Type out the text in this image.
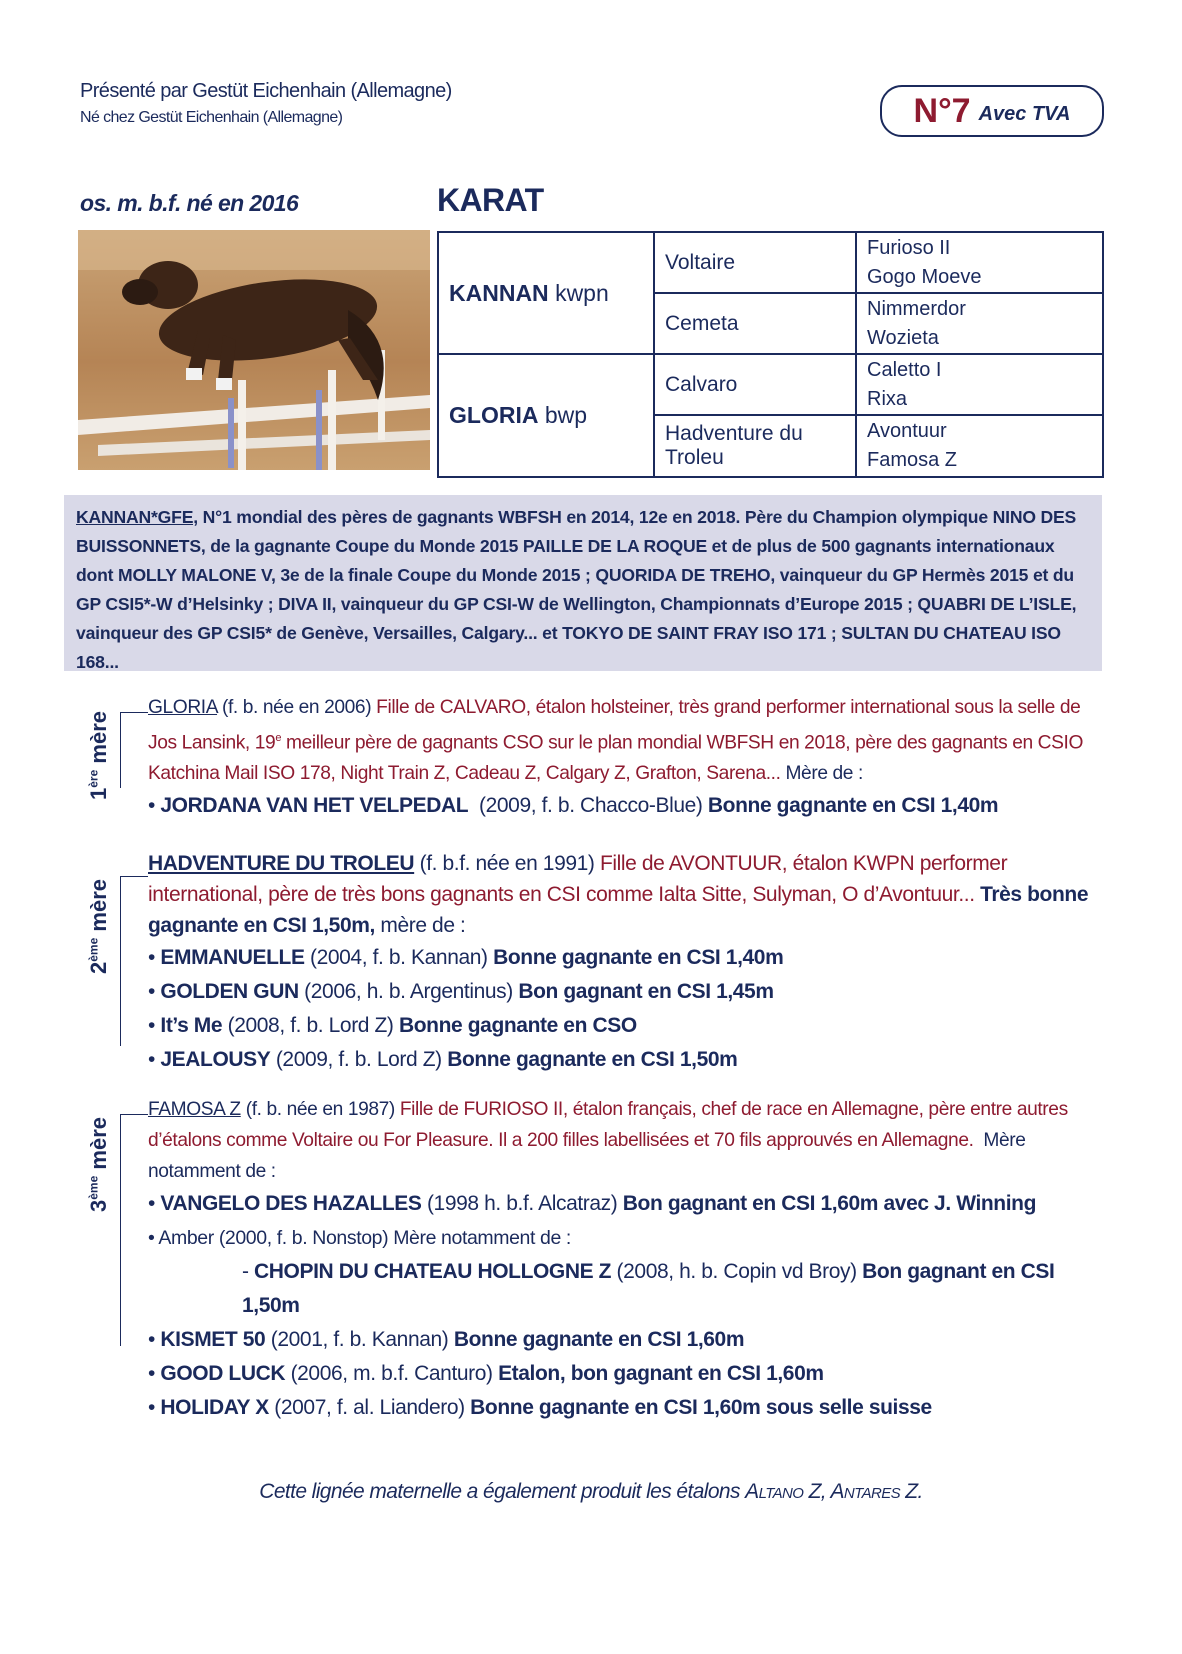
Présenté par Gestüt Eichenhain (Allemagne)
Né chez Gestüt Eichenhain (Allemagne)	N°7 Avec TVA
os. m. b.f. né en 2016	KARAT
KANNAN
kwpn
GLORIA
bwp
Voltaire
Cemeta
Calvaro
Hadventure du Troleu
Furioso II
Gogo Moeve
Nimmerdor
Wozieta
Caletto I
Rixa
Avontuur
Famosa Z
KANNAN*GFE, N°1 mondial des pères de gagnants WBFSH en 2014, 12e en 2018. Père du Champion olympique NINO DES BUISSONNETS, de la gagnante Coupe du Monde 2015 PAILLE DE LA ROQUE et de plus de 500 gagnants internationaux dont MOLLY MALONE V, 3e de la finale Coupe du Monde 2015 ; QUORIDA DE TREHO, vainqueur du GP Hermès 2015 et du GP CSI5*-W d’Helsinky ; DIVA II, vainqueur du GP CSI-W de Wellington, Championnats d’Europe 2015 ; QUABRI DE L’ISLE, vainqueur des GP CSI5* de Genève, Versailles, Calgary... et TOKYO DE SAINT FRAY ISO 171 ; SULTAN DU CHATEAU ISO 168...
1ère mère
GLORIA (f. b. née en 2006) Fille de CALVARO, étalon holsteiner, très grand performer international sous la selle de Jos Lansink, 19e meilleur père de gagnants CSO sur le plan mondial WBFSH en 2018, père des gagnants en CSIO Katchina Mail ISO 178, Night Train Z, Cadeau Z, Calgary Z, Grafton, Sarena... Mère de :
• JORDANA VAN HET VELPEDAL (2009, f. b. Chacco-Blue) Bonne gagnante en CSI 1,40m
2ème mère
HADVENTURE DU TROLEU (f. b.f. née en 1991) Fille de AVONTUUR, étalon KWPN performer international, père de très bons gagnants en CSI comme Ialta Sitte, Sulyman, O d’Avontuur... Très bonne gagnante en CSI 1,50m, mère de :
• EMMANUELLE (2004, f. b. Kannan) Bonne gagnante en CSI 1,40m
• GOLDEN GUN (2006, h. b. Argentinus) Bon gagnant en CSI 1,45m
• It’s Me (2008, f. b. Lord Z) Bonne gagnante en CSO
• JEALOUSY (2009, f. b. Lord Z) Bonne gagnante en CSI 1,50m
3ème mère
FAMOSA Z (f. b. née en 1987) Fille de FURIOSO II, étalon français, chef de race en Allemagne, père entre autres d’étalons comme Voltaire ou For Pleasure. Il a 200 filles labellisées et 70 fils approuvés en Allemagne. Mère notamment de :
• VANGELO DES HAZALLES (1998 h. b.f. Alcatraz) Bon gagnant en CSI 1,60m avec J. Winning
• Amber (2000, f. b. Nonstop) Mère notamment de :
- CHOPIN DU CHATEAU HOLLOGNE Z (2008, h. b. Copin vd Broy) Bon gagnant en CSI 1,50m
• KISMET 50 (2001, f. b. Kannan) Bonne gagnante en CSI 1,60m
• GOOD LUCK (2006, m. b.f. Canturo) Etalon, bon gagnant en CSI 1,60m
• HOLIDAY X (2007, f. al. Liandero) Bonne gagnante en CSI 1,60m sous selle suisse
Cette lignée maternelle a également produit les étalons Altano Z, Antares Z.
